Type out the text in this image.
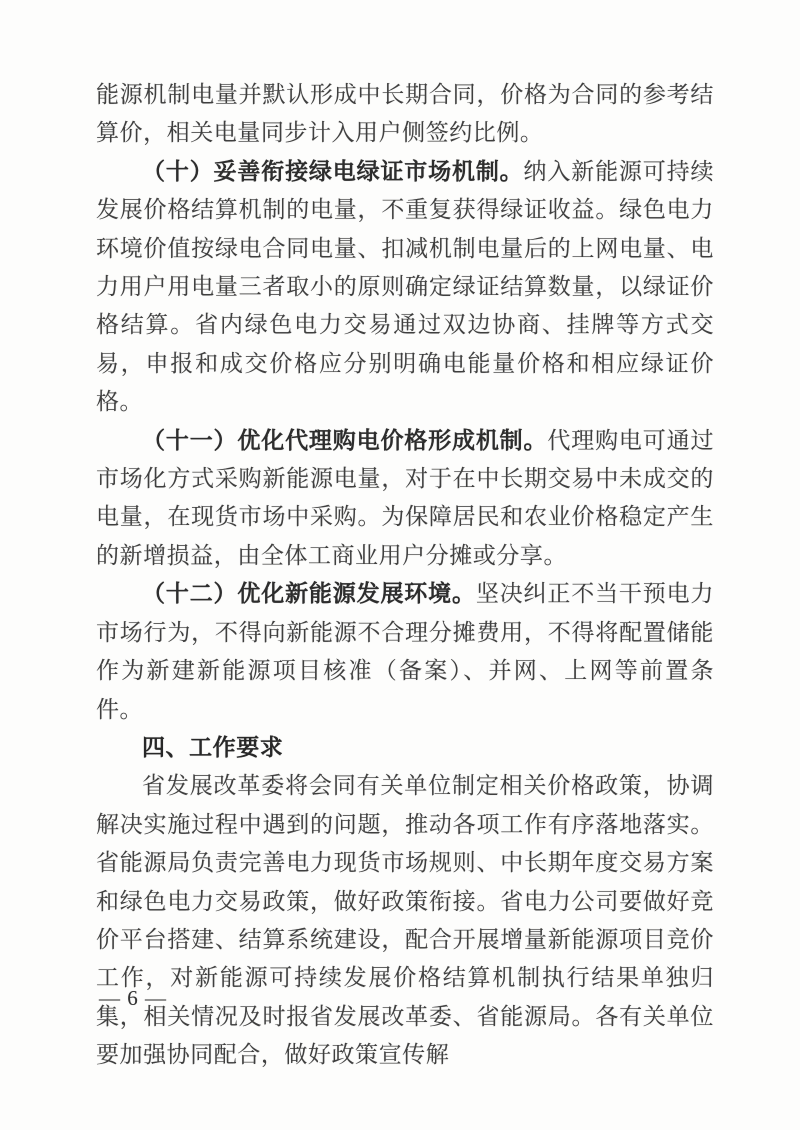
能源机制电量并默认形成中长期合同，价格为合同的参考结算价，相关电量同步计入用户侧签约比例。

（十）妥善衔接绿电绿证市场机制。纳入新能源可持续发展价格结算机制的电量，不重复获得绿证收益。绿色电力环境价值按绿电合同电量、扣减机制电量后的上网电量、电力用户用电量三者取小的原则确定绿证结算数量，以绿证价格结算。省内绿色电力交易通过双边协商、挂牌等方式交易，申报和成交价格应分别明确电能量价格和相应绿证价格。

（十一）优化代理购电价格形成机制。代理购电可通过市场化方式采购新能源电量，对于在中长期交易中未成交的电量，在现货市场中采购。为保障居民和农业价格稳定产生的新增损益，由全体工商业用户分摊或分享。

（十二）优化新能源发展环境。坚决纠正不当干预电力市场行为，不得向新能源不合理分摊费用，不得将配置储能作为新建新能源项目核准（备案）、并网、上网等前置条件。

四、工作要求

省发展改革委将会同有关单位制定相关价格政策，协调解决实施过程中遇到的问题，推动各项工作有序落地落实。省能源局负责完善电力现货市场规则、中长期年度交易方案和绿色电力交易政策，做好政策衔接。省电力公司要做好竞价平台搭建、结算系统建设，配合开展增量新能源项目竞价工作，对新能源可持续发展价格结算机制执行结果单独归集，相关情况及时报省发展改革委、省能源局。各有关单位要加强协同配合，做好政策宣传解

— 6 —
